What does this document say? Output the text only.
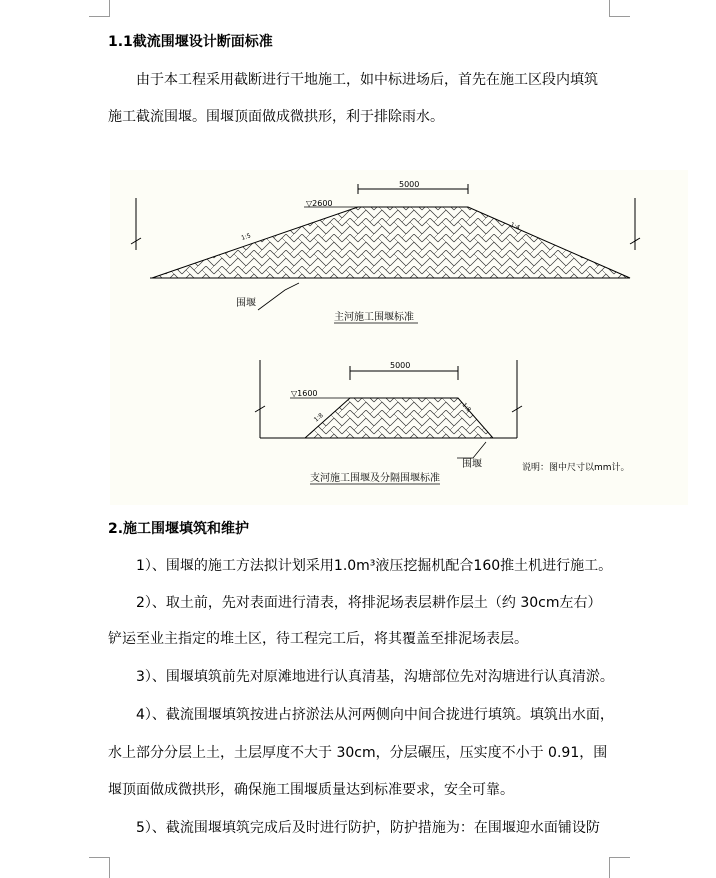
1.1截流围堰设计断面标准
由于本工程采用截断进行干地施工，如中标进场后，首先在施工区段内填筑
施工截流围堰。围堰顶面做成微拱形，利于排除雨水。
5000
▽2600
1:5
1:4
围堰
主河施工围堰标准
5000
▽1600
1:8
1:8
围堰
支河施工围堰及分隔围堰标准
说明：图中尺寸以mm计。
2.施工围堰填筑和维护
1）、围堰的施工方法拟计划采用1.0m³液压挖掘机配合160推土机进行施工。
2）、取土前，先对表面进行清表，将排泥场表层耕作层土（约 30cm左右）
铲运至业主指定的堆土区，待工程完工后，将其覆盖至排泥场表层。
3）、围堰填筑前先对原滩地进行认真清基，沟塘部位先对沟塘进行认真清淤。
4）、截流围堰填筑按进占挤淤法从河两侧向中间合拢进行填筑。填筑出水面，
水上部分分层上土，土层厚度不大于 30cm，分层碾压，压实度不小于 0.91，围
堰顶面做成微拱形，确保施工围堰质量达到标准要求，安全可靠。
5）、截流围堰填筑完成后及时进行防护，防护措施为：在围堰迎水面铺设防
